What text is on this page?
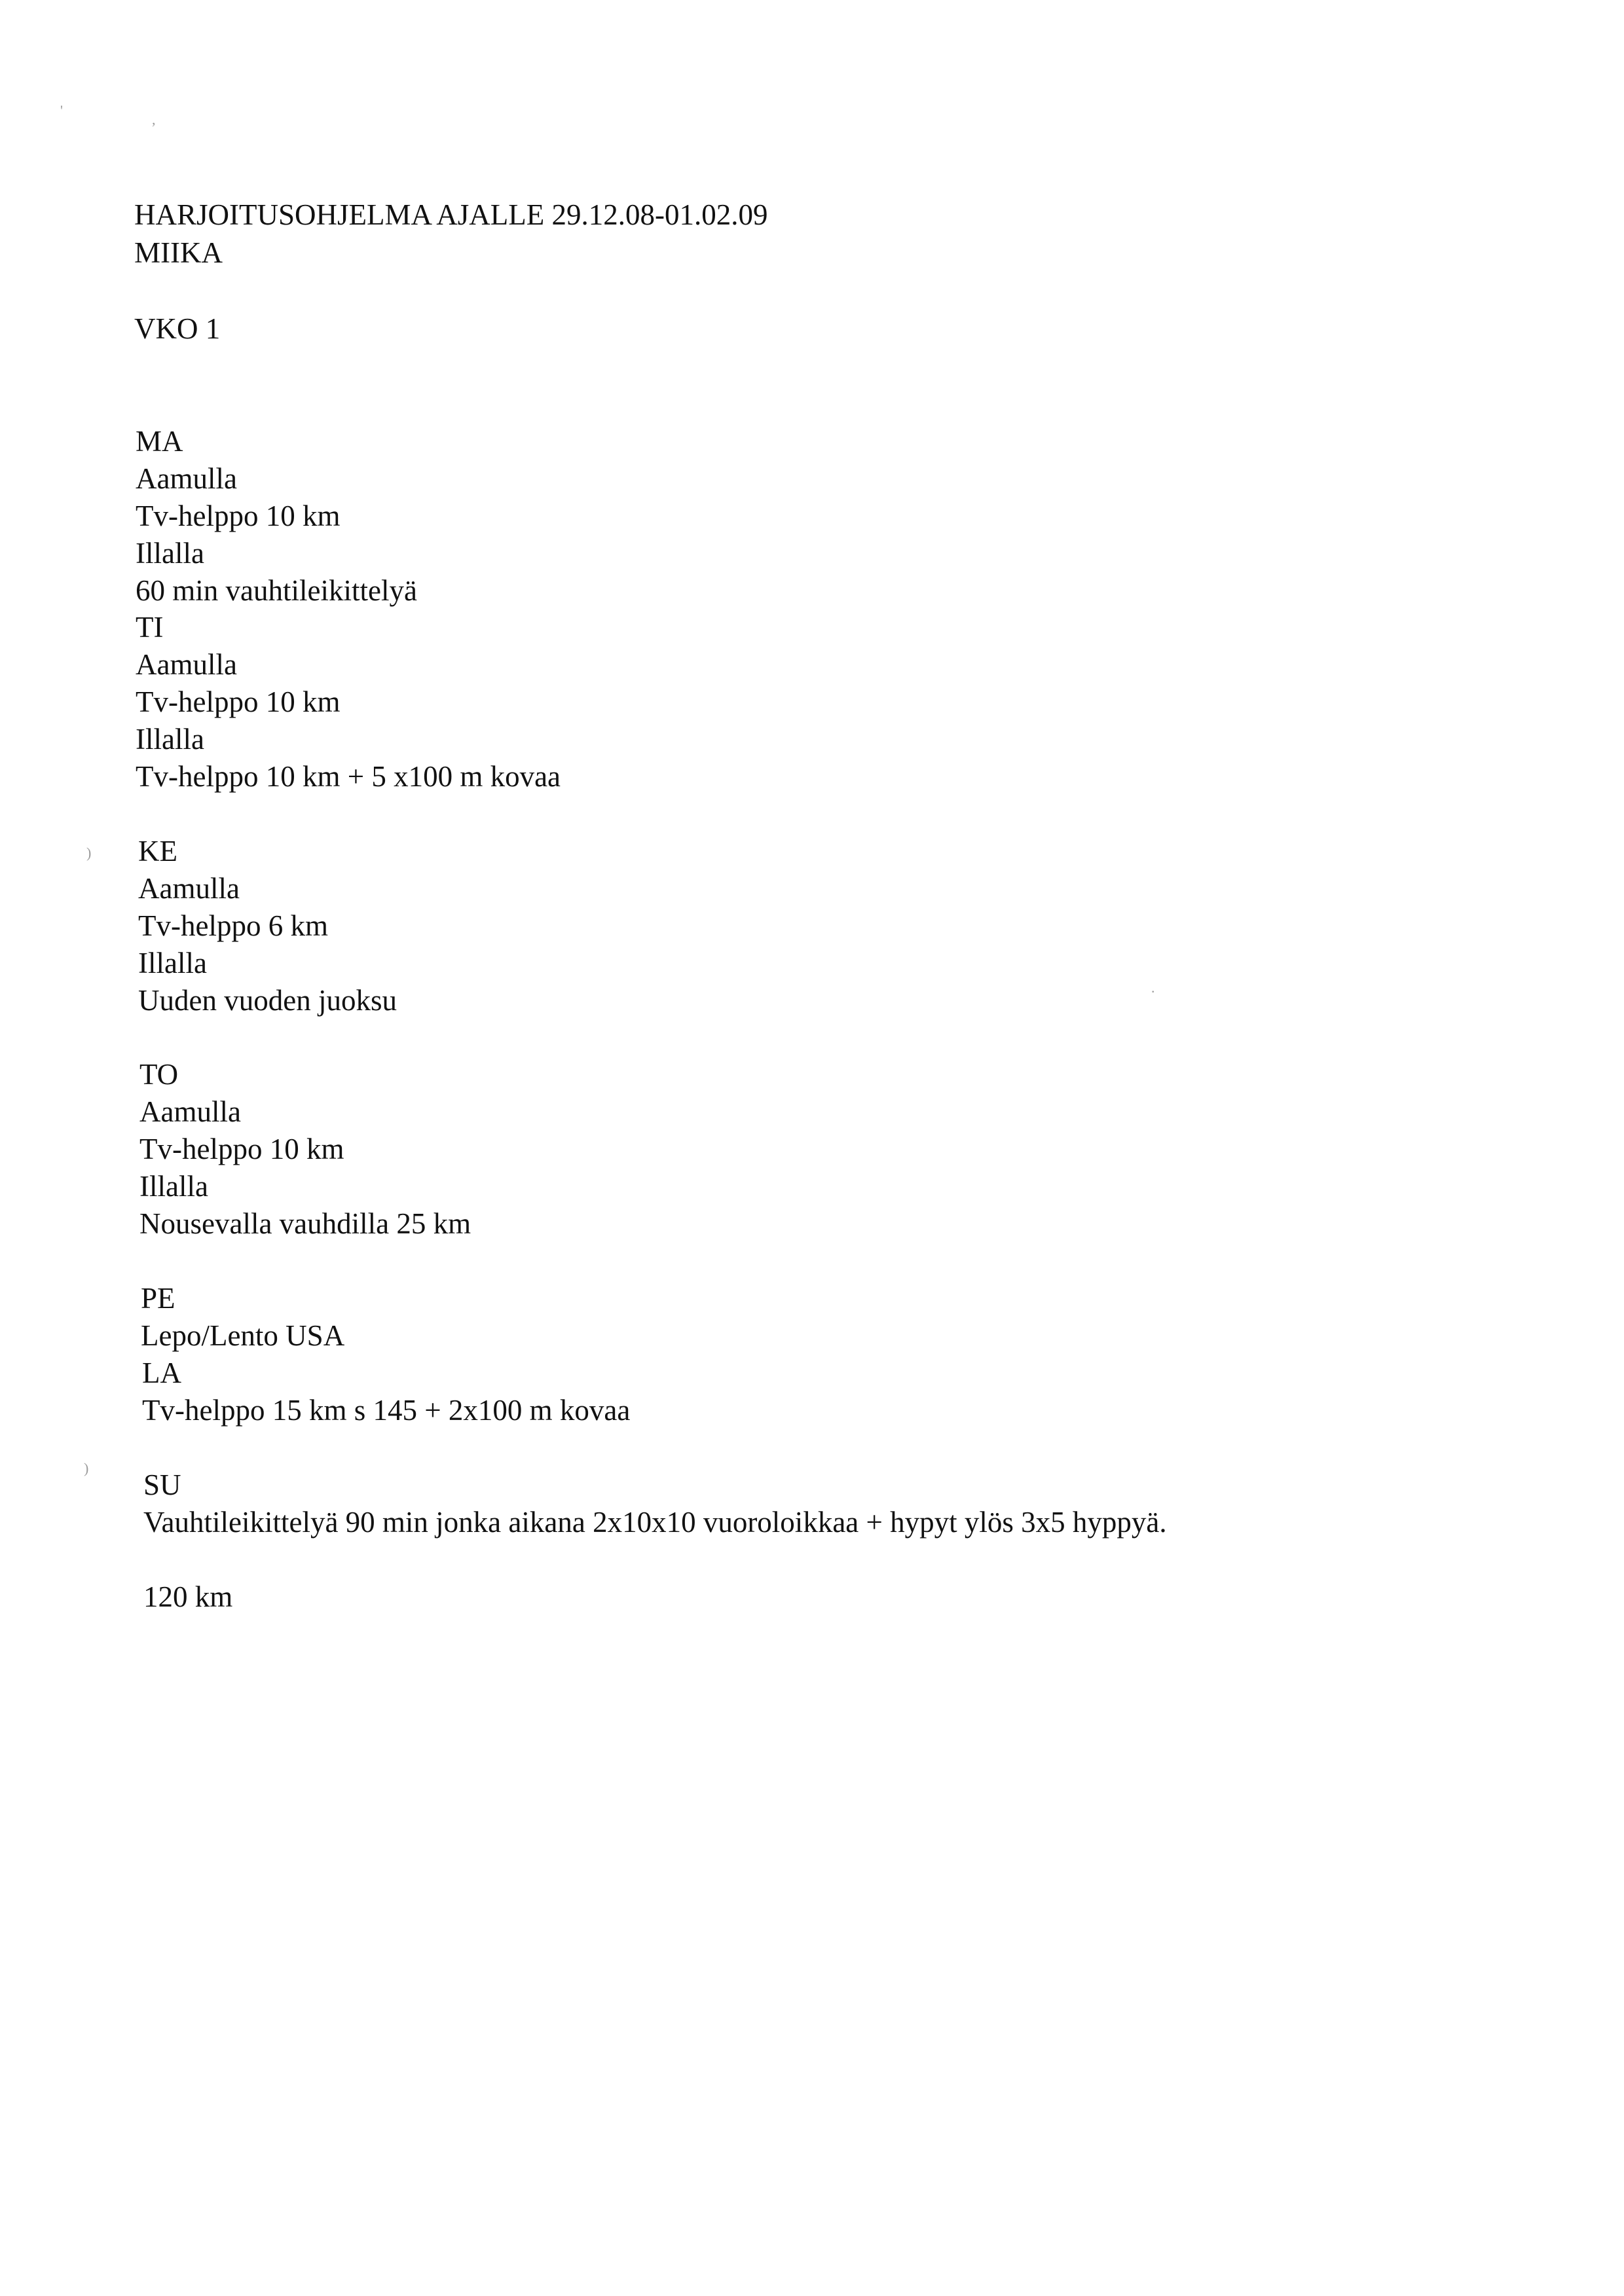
'
,
)
)
.
HARJOITUSOHJELMA AJALLE 29.12.08-01.02.09
MIIKA
VKO 1
MA
Aamulla
Tv-helppo 10 km
Illalla
60 min vauhtileikittelyä
TI
Aamulla
Tv-helppo 10 km
Illalla
Tv-helppo 10 km + 5 x100 m kovaa
KE
Aamulla
Tv-helppo 6 km
Illalla
Uuden vuoden juoksu
TO
Aamulla
Tv-helppo 10 km
Illalla
Nousevalla vauhdilla 25 km
PE
Lepo/Lento USA
LA
Tv-helppo 15 km s 145 + 2x100 m kovaa
SU
Vauhtileikittelyä 90 min jonka aikana 2x10x10 vuoroloikkaa + hypyt ylös 3x5 hyppyä.
120 km
